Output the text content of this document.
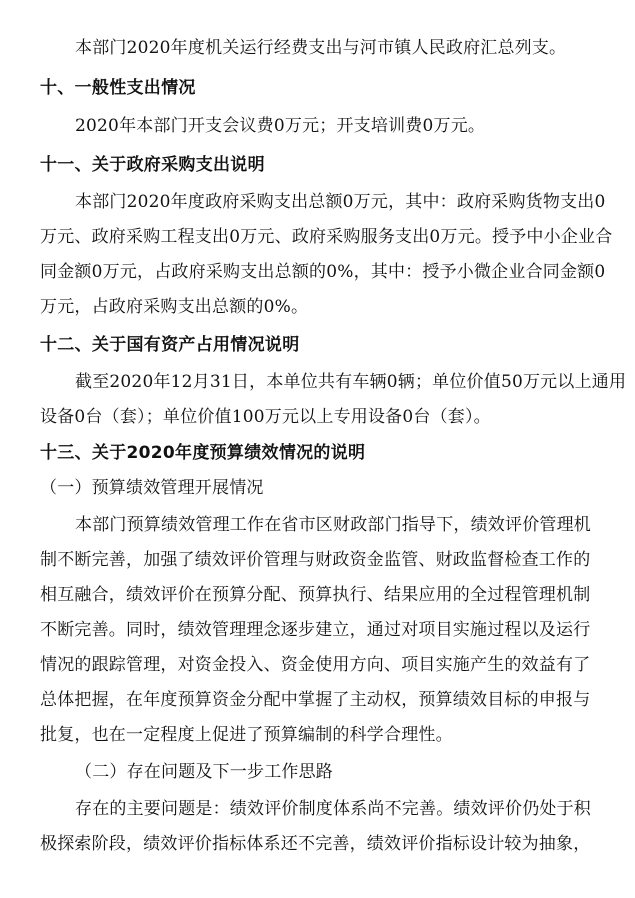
本部门2020年度机关运行经费支出与河市镇人民政府汇总列支。
十、一般性支出情况
2020年本部门开支会议费0万元；开支培训费0万元。
十一、关于政府采购支出说明
本部门2020年度政府采购支出总额0万元，其中：政府采购货物支出0
万元、政府采购工程支出0万元、政府采购服务支出0万元。授予中小企业合
同金额0万元，占政府采购支出总额的0%，其中：授予小微企业合同金额0
万元，占政府采购支出总额的0%。
十二、关于国有资产占用情况说明
截至2020年12月31日，本单位共有车辆0辆；单位价值50万元以上通用
设备0台（套）；单位价值100万元以上专用设备0台（套）。
十三、关于2020年度预算绩效情况的说明
（一）预算绩效管理开展情况
本部门预算绩效管理工作在省市区财政部门指导下，绩效评价管理机
制不断完善，加强了绩效评价管理与财政资金监管、财政监督检查工作的
相互融合，绩效评价在预算分配、预算执行、结果应用的全过程管理机制
不断完善。同时，绩效管理理念逐步建立，通过对项目实施过程以及运行
情况的跟踪管理，对资金投入、资金使用方向、项目实施产生的效益有了
总体把握，在年度预算资金分配中掌握了主动权，预算绩效目标的申报与
批复，也在一定程度上促进了预算编制的科学合理性。
（二）存在问题及下一步工作思路
存在的主要问题是：绩效评价制度体系尚不完善。绩效评价仍处于积
极探索阶段，绩效评价指标体系还不完善，绩效评价指标设计较为抽象，
